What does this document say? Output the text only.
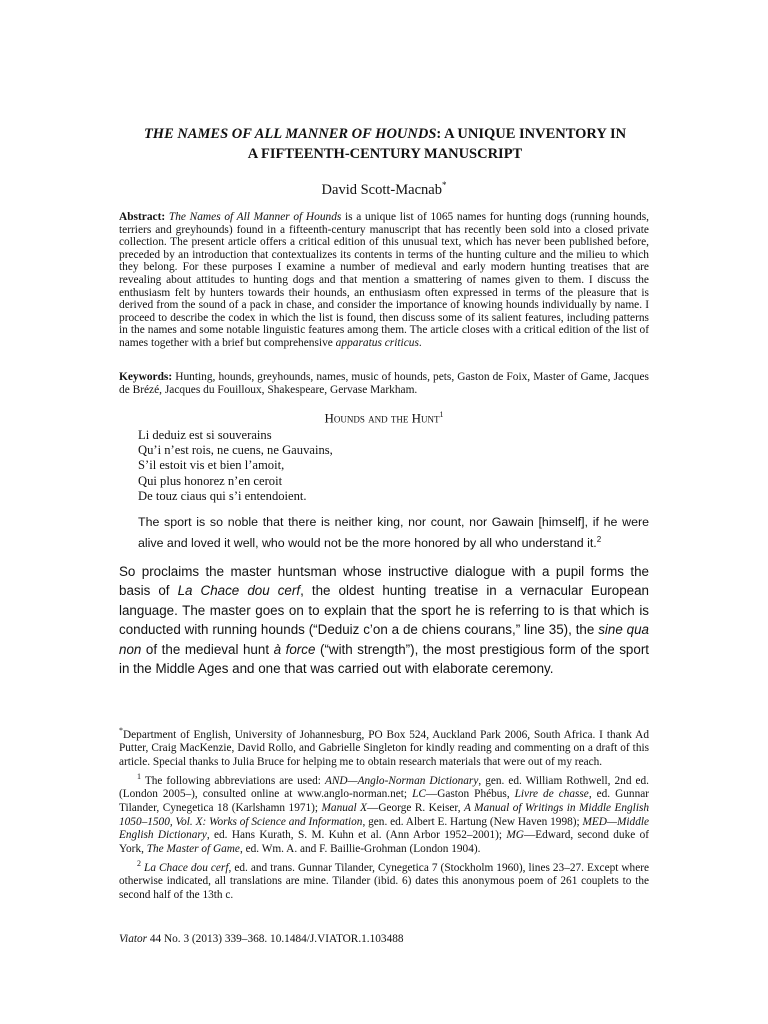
THE NAMES OF ALL MANNER OF HOUNDS: A UNIQUE INVENTORY IN
A FIFTEENTH-CENTURY MANUSCRIPT
David Scott-Macnab*
Abstract: The Names of All Manner of Hounds is a unique list of 1065 names for hunting dogs (running hounds, terriers and greyhounds) found in a fifteenth-century manuscript that has recently been sold into a closed private collection. The present article offers a critical edition of this unusual text, which has never been published before, preceded by an introduction that contextualizes its contents in terms of the hunting culture and the milieu to which they belong. For these purposes I examine a number of medieval and early modern hunting treatises that are revealing about attitudes to hunting dogs and that mention a smattering of names given to them. I discuss the enthusiasm felt by hunters towards their hounds, an enthusiasm often expressed in terms of the pleasure that is derived from the sound of a pack in chase, and consider the importance of knowing hounds individually by name. I proceed to describe the codex in which the list is found, then discuss some of its salient features, including patterns in the names and some notable linguistic features among them. The article closes with a critical edition of the list of names together with a brief but comprehensive apparatus criticus.
Keywords: Hunting, hounds, greyhounds, names, music of hounds, pets, Gaston de Foix, Master of Game, Jacques de Brézé, Jacques du Fouilloux, Shakespeare, Gervase Markham.
Hounds and the Hunt$^1$
Li deduiz est si souverains
Qu’i n’est rois, ne cuens, ne Gauvains,
S’il estoit vis et bien l’amoit,
Qui plus honorez n’en ceroit
De touz ciaus qui s’i entendoient.
The sport is so noble that there is neither king, nor count, nor Gawain [himself], if he were alive and loved it well, who would not be the more honored by all who understand it.$^2$
So proclaims the master huntsman whose instructive dialogue with a pupil forms the basis of La Chace dou cerf, the oldest hunting treatise in a vernacular European language. The master goes on to explain that the sport he is referring to is that which is conducted with running hounds (“Deduiz c’on a de chiens courans,” line 35), the sine qua non of the medieval hunt à force (“with strength”), the most prestigious form of the sport in the Middle Ages and one that was carried out with elaborate ceremony.

*Department of English, University of Johannesburg, PO Box 524, Auckland Park 2006, South Africa. I thank Ad Putter, Craig MacKenzie, David Rollo, and Gabrielle Singleton for kindly reading and commenting on a draft of this article. Special thanks to Julia Bruce for helping me to obtain research materials that were out of my reach.

$^1$ The following abbreviations are used: AND—Anglo-Norman Dictionary, gen. ed. William Rothwell, 2nd ed. (London 2005–), consulted online at www.anglo-norman.net; LC—Gaston Phébus, Livre de chasse, ed. Gunnar Tilander, Cynegetica 18 (Karlshamn 1971); Manual X—George R. Keiser, A Manual of Writings in Middle English 1050–1500, Vol. X: Works of Science and Information, gen. ed. Albert E. Hartung (New Haven 1998); MED—Middle English Dictionary, ed. Hans Kurath, S. M. Kuhn et al. (Ann Arbor 1952–2001); MG—Edward, second duke of York, The Master of Game, ed. Wm. A. and F. Baillie-Grohman (London 1904).

$^2$ La Chace dou cerf, ed. and trans. Gunnar Tilander, Cynegetica 7 (Stockholm 1960), lines 23–27. Except where otherwise indicated, all translations are mine. Tilander (ibid. 6) dates this anonymous poem of 261 couplets to the second half of the 13th c.

Viator 44 No. 3 (2013) 339–368. 10.1484/J.VIATOR.1.103488
